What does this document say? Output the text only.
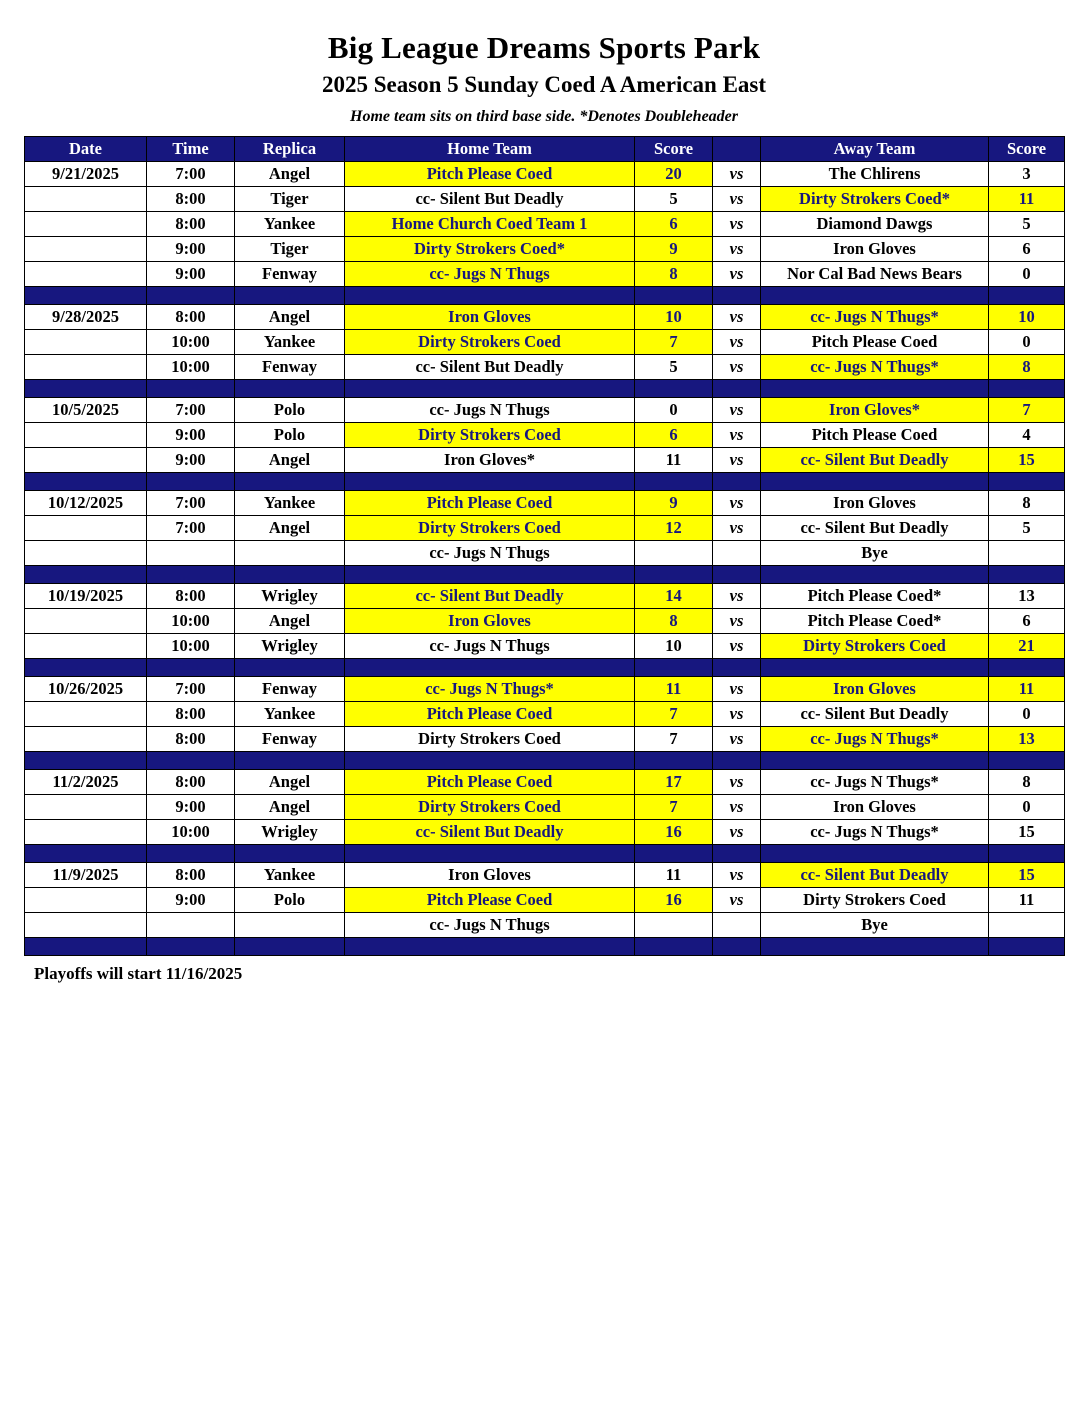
Big League Dreams Sports Park
2025 Season 5 Sunday Coed A American East
Home team sits on third base side. *Denotes Doubleheader
Date	Time	Replica	Home Team	Score		Away Team	Score
9/21/2025	7:00	Angel	Pitch Please Coed	20	vs	The Chlirens	3
	8:00	Tiger	cc- Silent But Deadly	5	vs	Dirty Strokers Coed*	11
	8:00	Yankee	Home Church Coed Team 1	6	vs	Diamond Dawgs	5
	9:00	Tiger	Dirty Strokers Coed*	9	vs	Iron Gloves	6
	9:00	Fenway	cc- Jugs N Thugs	8	vs	Nor Cal Bad News Bears	0

9/28/2025	8:00	Angel	Iron Gloves	10	vs	cc- Jugs N Thugs*	10
	10:00	Yankee	Dirty Strokers Coed	7	vs	Pitch Please Coed	0
	10:00	Fenway	cc- Silent But Deadly	5	vs	cc- Jugs N Thugs*	8

10/5/2025	7:00	Polo	cc- Jugs N Thugs	0	vs	Iron Gloves*	7
	9:00	Polo	Dirty Strokers Coed	6	vs	Pitch Please Coed	4
	9:00	Angel	Iron Gloves*	11	vs	cc- Silent But Deadly	15

10/12/2025	7:00	Yankee	Pitch Please Coed	9	vs	Iron Gloves	8
	7:00	Angel	Dirty Strokers Coed	12	vs	cc- Silent But Deadly	5
			cc- Jugs N Thugs			Bye	

10/19/2025	8:00	Wrigley	cc- Silent But Deadly	14	vs	Pitch Please Coed*	13
	10:00	Angel	Iron Gloves	8	vs	Pitch Please Coed*	6
	10:00	Wrigley	cc- Jugs N Thugs	10	vs	Dirty Strokers Coed	21

10/26/2025	7:00	Fenway	cc- Jugs N Thugs*	11	vs	Iron Gloves	11
	8:00	Yankee	Pitch Please Coed	7	vs	cc- Silent But Deadly	0
	8:00	Fenway	Dirty Strokers Coed	7	vs	cc- Jugs N Thugs*	13

11/2/2025	8:00	Angel	Pitch Please Coed	17	vs	cc- Jugs N Thugs*	8
	9:00	Angel	Dirty Strokers Coed	7	vs	Iron Gloves	0
	10:00	Wrigley	cc- Silent But Deadly	16	vs	cc- Jugs N Thugs*	15

11/9/2025	8:00	Yankee	Iron Gloves	11	vs	cc- Silent But Deadly	15
	9:00	Polo	Pitch Please Coed	16	vs	Dirty Strokers Coed	11
			cc- Jugs N Thugs			Bye	

Playoffs will start 11/16/2025
